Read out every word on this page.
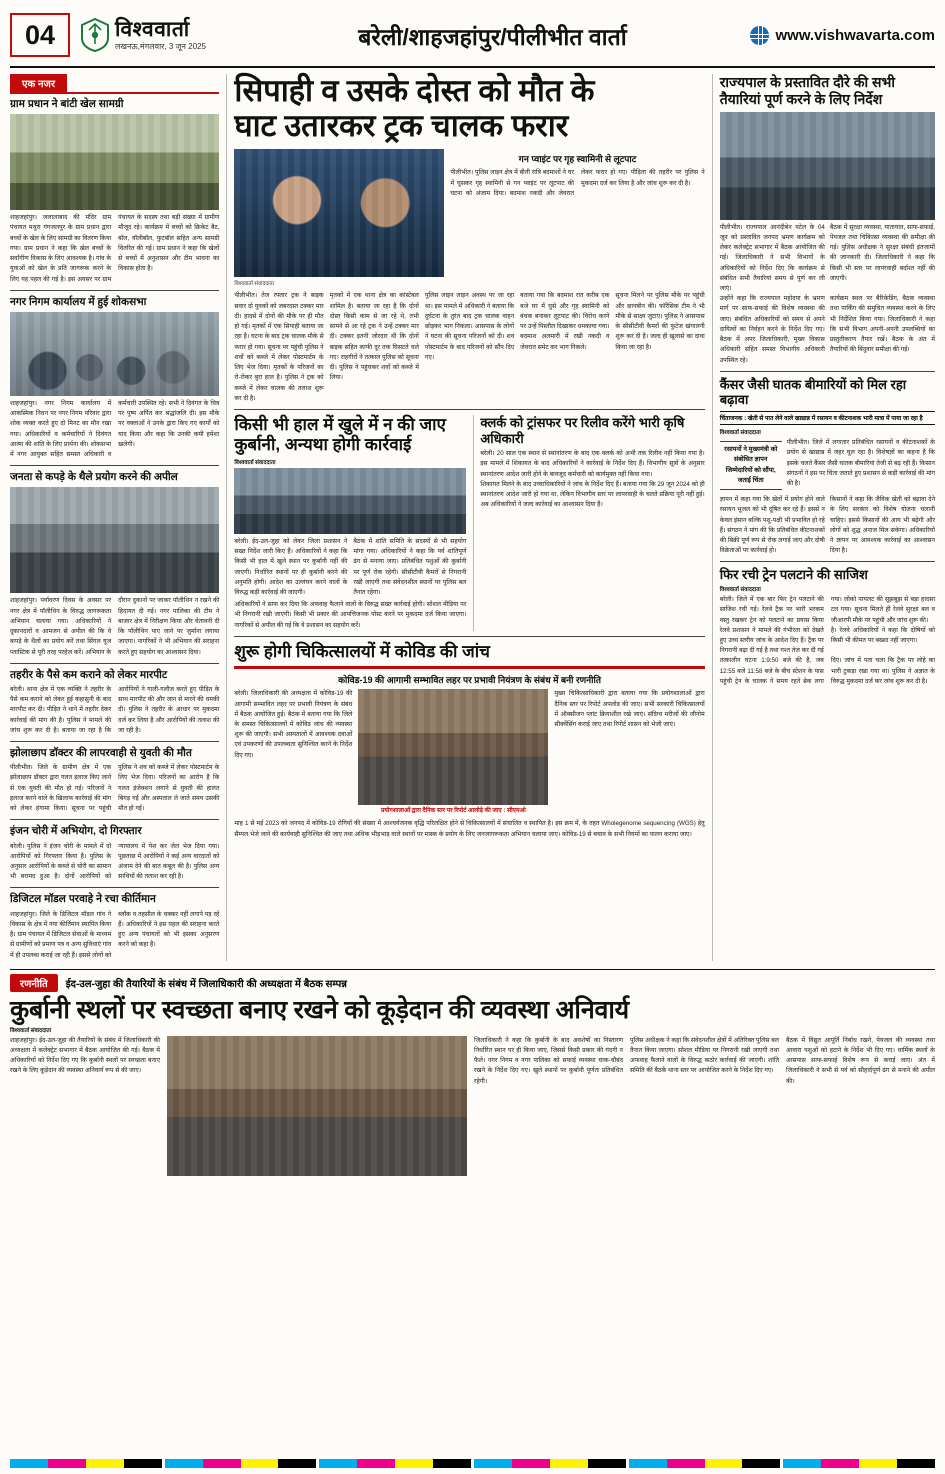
04	विश्ववार्ता
लखनऊ, मंगलवार, 3 जून 2025	बरेली/शाहजहांपुर/पीलीभीत वार्ता	www.vishwavarta.com
एक नजर
ग्राम प्रधान ने बांटी खेल सामग्री
शाहजहांपुर। जलालाबाद की मंदिर ग्राम पंचायत मथुरा गंगजलपुर के ग्राम प्रधान द्वारा बच्चों के खेल के लिए सामग्री का वितरण किया गया। ग्राम प्रधान ने कहा कि खेल बच्चों के सर्वांगीण विकास के लिए आवश्यक है। गांव के युवाओं को खेल के प्रति जागरूक करने के लिए यह पहल की गई है। इस अवसर पर ग्राम पंचायत के सदस्य तथा बड़ी संख्या में ग्रामीण मौजूद रहे। कार्यक्रम में बच्चों को क्रिकेट बैट, बॉल, वॉलीबॉल, फुटबॉल सहित अन्य सामग्री वितरित की गई। ग्राम प्रधान ने कहा कि खेलों से बच्चों में अनुशासन और टीम भावना का विकास होता है।
नगर निगम कार्यालय में हुई शोकसभा
शाहजहांपुर। नगर निगम कार्यालय में आकस्मिक निधन पर नगर निगम परिवार द्वारा शोक व्यक्त करते हुए दो मिनट का मौन रखा गया। अधिकारियों व कर्मचारियों ने दिवंगत आत्मा की शांति के लिए प्रार्थना की। शोकसभा में नगर आयुक्त सहित समस्त अधिकारी व कर्मचारी उपस्थित रहे। सभी ने दिवंगत के चित्र पर पुष्प अर्पित कर श्रद्धांजलि दी। इस मौके पर वक्ताओं ने उनके द्वारा किए गए कार्यों को याद किया और कहा कि उनकी कमी हमेशा खलेगी।
जनता से कपड़े के थैले प्रयोग करने की अपील
शाहजहांपुर। पर्यावरण दिवस के अवसर पर नगर क्षेत्र में पॉलीथिन के विरुद्ध जागरूकता अभियान चलाया गया। अधिकारियों ने दुकानदारों व आमजन से अपील की कि वे कपड़े के थैलों का प्रयोग करें तथा सिंगल यूज प्लास्टिक से पूरी तरह परहेज करें। अभियान के दौरान दुकानों पर जाकर पॉलीथिन न रखने की हिदायत दी गई। नगर पालिका की टीम ने बाजार क्षेत्र में निरीक्षण किया और चेतावनी दी कि पॉलीथिन पाए जाने पर जुर्माना लगाया जाएगा। नागरिकों ने भी अभियान की सराहना करते हुए सहयोग का आश्वासन दिया।
तहरीर के पैसे कम कराने को लेकर मारपीट
बरेली। थाना क्षेत्र में एक व्यक्ति ने तहरीर के पैसे कम कराने को लेकर हुई कहासुनी के बाद मारपीट कर दी। पीड़ित ने थाने में तहरीर देकर कार्रवाई की मांग की है। पुलिस ने मामले की जांच शुरू कर दी है। बताया जा रहा है कि आरोपियों ने गाली-गलौज करते हुए पीड़ित के साथ मारपीट की और जान से मारने की धमकी दी। पुलिस ने तहरीर के आधार पर मुकदमा दर्ज कर लिया है और आरोपियों की तलाश की जा रही है।
झोलाछाप डॉक्टर की लापरवाही से युवती की मौत
पीलीभीत। जिले के ग्रामीण क्षेत्र में एक झोलाछाप डॉक्टर द्वारा गलत इलाज किए जाने से एक युवती की मौत हो गई। परिजनों ने इलाज करने वाले के खिलाफ कार्रवाई की मांग को लेकर हंगामा किया। सूचना पर पहुंची पुलिस ने शव को कब्जे में लेकर पोस्टमार्टम के लिए भेज दिया। परिजनों का आरोप है कि गलत इंजेक्शन लगाने से युवती की हालत बिगड़ गई और अस्पताल ले जाते समय उसकी मौत हो गई।
इंजन चोरी में अभियोग, दो गिरफ्तार
बरेली। पुलिस ने इंजन चोरी के मामले में दो आरोपियों को गिरफ्तार किया है। पुलिस के अनुसार आरोपियों के कब्जे से चोरी का सामान भी बरामद हुआ है। दोनों आरोपियों को न्यायालय में पेश कर जेल भेज दिया गया। पूछताछ में आरोपियों ने कई अन्य वारदातों को अंजाम देने की बात कबूल की है। पुलिस अन्य साथियों की तलाश कर रही है।
डिजिटल मॉडल परवाहे ने रचा कीर्तिमान
शाहजहांपुर। जिले के डिजिटल मॉडल गांव ने विकास के क्षेत्र में नया कीर्तिमान स्थापित किया है। ग्राम पंचायत में डिजिटल सेवाओं के माध्यम से ग्रामीणों को प्रमाण पत्र व अन्य सुविधाएं गांव में ही उपलब्ध कराई जा रही हैं। इससे लोगों को ब्लॉक व तहसील के चक्कर नहीं लगाने पड़ रहे हैं। अधिकारियों ने इस पहल की सराहना करते हुए अन्य पंचायतों को भी इसका अनुसरण करने को कहा है।
सिपाही व उसके दोस्त को मौत के
घाट उतारकर ट्रक चालक फरार
विश्ववार्ता संवाददाता
गन प्वाइंट पर गृह स्वामिनी से लूटपाट
पीलीभीत। पुलिस लाइन क्षेत्र में बीती रात्रि बदमाशों ने घर में घुसकर गृह स्वामिनी से गन प्वाइंट पर लूटपाट की घटना को अंजाम दिया। बदमाश नकदी और जेवरात लेकर फरार हो गए। पीड़िता की तहरीर पर पुलिस ने मुकदमा दर्ज कर लिया है और जांच शुरू कर दी है।
पीलीभीत। तेज रफ्तार ट्रक ने बाइक सवार दो युवकों को जबरदस्त टक्कर मार दी। हादसे में दोनों की मौके पर ही मौत हो गई। मृतकों में एक सिपाही बताया जा रहा है। घटना के बाद ट्रक चालक मौके से फरार हो गया। सूचना पर पहुंची पुलिस ने शवों को कब्जे में लेकर पोस्टमार्टम के लिए भेज दिया। मृतकों के परिजनों का रो-रोकर बुरा हाल है। पुलिस ने ट्रक को कब्जे में लेकर चालक की तलाश शुरू कर दी है।
मृतकों में एक थाना क्षेत्र का कांस्टेबल शामिल है। बताया जा रहा है कि दोनों दोस्त किसी काम से जा रहे थे, तभी सामने से आ रहे ट्रक ने उन्हें टक्कर मार दी। टक्कर इतनी जोरदार थी कि दोनों बाइक सहित काफी दूर तक घिसटते चले गए। राहगीरों ने तत्काल पुलिस को सूचना दी। पुलिस ने पहुंचकर शवों को कब्जे में लिया।
पुलिस लाइन लाइन अवस्थ पर जा रहा था। इस मामले में अधिकारी ने बताया कि दुर्घटना के तुरंत बाद ट्रक चालक वाहन छोड़कर भाग निकला। आसपास के लोगों ने घटना की सूचना परिजनों को दी। शव पोस्टमार्टम के बाद परिजनों को सौंप दिए गए।
बताया गया कि बदमाश रात करीब एक बजे घर में घुसे और गृह स्वामिनी को बंधक बनाकर लूटपाट की। विरोध करने पर उन्हें पिस्तौल दिखाकर धमकाया गया। बदमाश अलमारी में रखी नकदी व जेवरात समेट कर भाग निकले।
सूचना मिलने पर पुलिस मौके पर पहुंची और छानबीन की। फॉरेंसिक टीम ने भी मौके से साक्ष्य जुटाए। पुलिस ने आसपास के सीसीटीवी कैमरों की फुटेज खंगालनी शुरू कर दी है। जल्द ही खुलासे का दावा किया जा रहा है।
किसी भी हाल में खुले में न की जाए कुर्बानी, अन्यथा होगी कार्रवाई
विश्ववार्ता संवाददाता
बरेली। ईद-उल-जुहा को लेकर जिला प्रशासन ने सख्त निर्देश जारी किए हैं। अधिकारियों ने कहा कि किसी भी हाल में खुले स्थान पर कुर्बानी नहीं की जाएगी। निर्धारित स्थानों पर ही कुर्बानी करने की अनुमति होगी। आदेश का उल्लंघन करने वालों के विरुद्ध कड़ी कार्रवाई की जाएगी।
बैठक में शांति समिति के सदस्यों से भी सहयोग मांगा गया। अधिकारियों ने कहा कि पर्व शांतिपूर्ण ढंग से मनाया जाए। प्रतिबंधित पशुओं की कुर्बानी पर पूर्ण रोक रहेगी। सीसीटीवी कैमरों से निगरानी रखी जाएगी तथा संवेदनशील स्थानों पर पुलिस बल तैनात रहेगा।
अधिकारियों ने साफ कर दिया कि अफवाह फैलाने वालों के विरुद्ध सख्त कार्रवाई होगी। सोशल मीडिया पर भी निगरानी रखी जाएगी। किसी भी प्रकार की आपत्तिजनक पोस्ट करने पर मुकदमा दर्ज किया जाएगा। नागरिकों से अपील की गई कि वे प्रशासन का सहयोग करें।
क्लर्क को ट्रांसफर पर रिलीव करेंगे भारी कृषि अधिकारी
बरेली। 20 साल एक स्थान से स्थानांतरण के बाद एक क्लर्क को अभी तक रिलीव नहीं किया गया है। इस मामले में शिकायत के बाद अधिकारियों ने कार्रवाई के निर्देश दिए हैं। विभागीय सूत्रों के अनुसार स्थानांतरण आदेश जारी होने के बावजूद कर्मचारी को कार्यमुक्त नहीं किया गया।
शिकायत मिलने के बाद उच्चाधिकारियों ने जांच के निर्देश दिए हैं। बताया गया कि 29 जून 2024 को ही स्थानांतरण आदेश जारी हो गया था, लेकिन विभागीय स्तर पर लापरवाही के चलते प्रक्रिया पूरी नहीं हुई। अब अधिकारियों ने जल्द कार्रवाई का आश्वासन दिया है।
शुरू होगी चिकित्सालयों में कोविड की जांच
कोविड-19 की आगामी सम्भावित लहर पर प्रभावी नियंत्रण के संबंध में बनी रणनीति
बरेली। जिलाधिकारी की अध्यक्षता में कोविड-19 की आगामी सम्भावित लहर पर प्रभावी नियंत्रण के संबंध में बैठक आयोजित हुई। बैठक में बताया गया कि जिले के समस्त चिकित्सालयों में कोविड जांच की व्यवस्था शुरू की जाएगी। सभी अस्पतालों में आवश्यक दवाओं एवं उपकरणों की उपलब्धता सुनिश्चित करने के निर्देश दिए गए।
प्रयोगशालाओं द्वारा दैनिक स्तर पर रिपोर्ट आलोड़े की जाए : सीएमओ
मुख्य चिकित्साधिकारी द्वारा बताया गया कि प्रयोगशालाओं द्वारा दैनिक स्तर पर रिपोर्ट अपलोड की जाए। सभी सरकारी चिकित्सालयों में ऑक्सीजन प्लांट क्रियाशील रखे जाएं। संदिग्ध मरीजों की जीनोम सीक्वेंसिंग कराई जाए तथा रिपोर्ट शासन को भेजी जाए।
माह 1 से मई 2023 को जनपद में कोविड-19 रोगियों की संख्या में आश्चर्यजनक वृद्धि परिलक्षित होने से चिकित्सालयों में संचालित व स्थापित है। इस क्रम में, के तहत Wholegenome sequencing (WGS) हेतु सैम्पल भेजे जाने की कार्यवाही सुनिश्चित की जाए तथा अधिक भीड़भाड़ वाले स्थानों पर मास्क के प्रयोग के लिए जनजागरूकता अभियान चलाया जाए। कोविड-19 से बचाव के सभी नियमों का पालन कराया जाए।
राज्यपाल के प्रस्तावित दौरे की सभी तैयारियां पूर्ण करने के लिए निर्देश
पीलीभीत। राज्यपाल आनंदीबेन पटेल के 04 जून को प्रस्तावित जनपद भ्रमण कार्यक्रम को लेकर कलेक्ट्रेट सभागार में बैठक आयोजित की गई। जिलाधिकारी ने सभी विभागों के अधिकारियों को निर्देश दिए कि कार्यक्रम से संबंधित सभी तैयारियां समय से पूर्ण कर ली जाएं।
बैठक में सुरक्षा व्यवस्था, यातायात, साफ-सफाई, पेयजल तथा चिकित्सा व्यवस्था की समीक्षा की गई। पुलिस अधीक्षक ने सुरक्षा संबंधी इंतजामों की जानकारी दी। जिलाधिकारी ने कहा कि किसी भी स्तर पर लापरवाही बर्दाश्त नहीं की जाएगी।
उन्होंने कहा कि राज्यपाल महोदया के भ्रमण मार्ग पर साफ-सफाई की विशेष व्यवस्था की जाए। संबंधित अधिकारियों को समय से अपने दायित्वों का निर्वहन करने के निर्देश दिए गए। बैठक में अपर जिलाधिकारी, मुख्य विकास अधिकारी सहित समस्त विभागीय अधिकारी उपस्थित रहे।
कार्यक्रम स्थल पर बैरिकेडिंग, बैठक व्यवस्था तथा पार्किंग की समुचित व्यवस्था करने के लिए भी निर्देशित किया गया। जिलाधिकारी ने कहा कि सभी विभाग अपनी-अपनी उपलब्धियों का प्रस्तुतीकरण तैयार रखें। बैठक के अंत में तैयारियों की बिंदुवार समीक्षा की गई।
कैंसर जैसी घातक बीमारियों को मिल रहा बढ़ावा
चिंताजनक : खेती से पात लेने वाले खाद्यान्न में रसायन व कीटनाशक भारी मात्रा में पाया जा रहा है
विश्ववार्ता संवाददाता
रसायनों ने मुख्यमंत्री को संबोधित ज्ञापन जिम्मेदारियों को सौंपा, जताई चिंता
पीलीभीत। जिले में लगातार प्रतिबंधित रसायनों व कीटनाशकों के प्रयोग से खाद्यान्न में जहर घुल रहा है। विशेषज्ञों का कहना है कि इसके चलते कैंसर जैसी घातक बीमारियां तेजी से बढ़ रही हैं। किसान संगठनों ने इस पर चिंता जताते हुए प्रशासन से कड़ी कार्रवाई की मांग की है।
ज्ञापन में कहा गया कि खेतों में प्रयोग होने वाले रसायन भूजल को भी दूषित कर रहे हैं। इससे न केवल इंसान बल्कि पशु-पक्षी भी प्रभावित हो रहे हैं। संगठन ने मांग की कि प्रतिबंधित कीटनाशकों की बिक्री पूर्ण रूप से रोक लगाई जाए और दोषी विक्रेताओं पर कार्रवाई हो।
किसानों ने कहा कि जैविक खेती को बढ़ावा देने के लिए सरकार को विशेष योजना चलानी चाहिए। इससे किसानों की आय भी बढ़ेगी और लोगों को शुद्ध अनाज मिल सकेगा। अधिकारियों ने ज्ञापन पर आवश्यक कार्रवाई का आश्वासन दिया है।
फिर रची ट्रेन पलटाने की साजिश
विश्ववार्ता संवाददाता
बरेली। जिले में एक बार फिर ट्रेन पलटाने की साजिश रची गई। रेलवे ट्रैक पर भारी भरकम वस्तु रखकर ट्रेन को पलटाने का प्रयास किया गया। लोको पायलट की सूझबूझ से बड़ा हादसा टल गया। सूचना मिलते ही रेलवे सुरक्षा बल व जीआरपी मौके पर पहुंची और जांच शुरू की।
रेलवे प्रशासन ने मामले की गंभीरता को देखते हुए उच्च स्तरीय जांच के आदेश दिए हैं। ट्रैक पर निगरानी बढ़ा दी गई है तथा गश्त तेज कर दी गई है। रेलवे अधिकारियों ने कहा कि दोषियों को किसी भी कीमत पर बख्शा नहीं जाएगा।
तत्कालीन घटना 1:9:50 बजे की है, जब 12:55 बजे 11:58 बजे के बीच स्टेशन के पास पहुंची ट्रेन के चालक ने समय रहते ब्रेक लगा दिए। जांच में पता चला कि ट्रैक पर लोहे का भारी टुकड़ा रखा गया था। पुलिस ने अज्ञात के विरुद्ध मुकदमा दर्ज कर जांच शुरू कर दी है।
रणनीति	ईद-उल-जुहा की तैयारियों के संबंध में जिलाधिकारी की अध्यक्षता में बैठक सम्पन्न
कुर्बानी स्थलों पर स्वच्छता बनाए रखने को कूड़ेदान की व्यवस्था अनिवार्य
विश्ववार्ता संवाददाता
शाहजहांपुर। ईद-उल-जुहा की तैयारियों के संबंध में जिलाधिकारी की अध्यक्षता में कलेक्ट्रेट सभागार में बैठक आयोजित की गई। बैठक में अधिकारियों को निर्देश दिए गए कि कुर्बानी स्थलों पर स्वच्छता बनाए रखने के लिए कूड़ेदान की व्यवस्था अनिवार्य रूप से की जाए।
जिलाधिकारी ने कहा कि कुर्बानी के बाद अवशेषों का निस्तारण निर्धारित स्थान पर ही किया जाए, जिससे किसी प्रकार की गंदगी न फैले। नगर निगम व नगर पालिका को सफाई व्यवस्था चाक-चौबंद रखने के निर्देश दिए गए। खुले स्थानों पर कुर्बानी पूर्णतः प्रतिबंधित रहेगी।
पुलिस अधीक्षक ने कहा कि संवेदनशील क्षेत्रों में अतिरिक्त पुलिस बल तैनात किया जाएगा। सोशल मीडिया पर निगरानी रखी जाएगी तथा अफवाह फैलाने वालों के विरुद्ध कठोर कार्रवाई की जाएगी। शांति समिति की बैठकें थाना स्तर पर आयोजित करने के निर्देश दिए गए।
बैठक में विद्युत आपूर्ति निर्बाध रखने, पेयजल की व्यवस्था तथा आवारा पशुओं को हटाने के निर्देश भी दिए गए। धार्मिक स्थलों के आसपास साफ-सफाई विशेष रूप से कराई जाए। अंत में जिलाधिकारी ने सभी से पर्व को सौहार्दपूर्ण ढंग से मनाने की अपील की।
